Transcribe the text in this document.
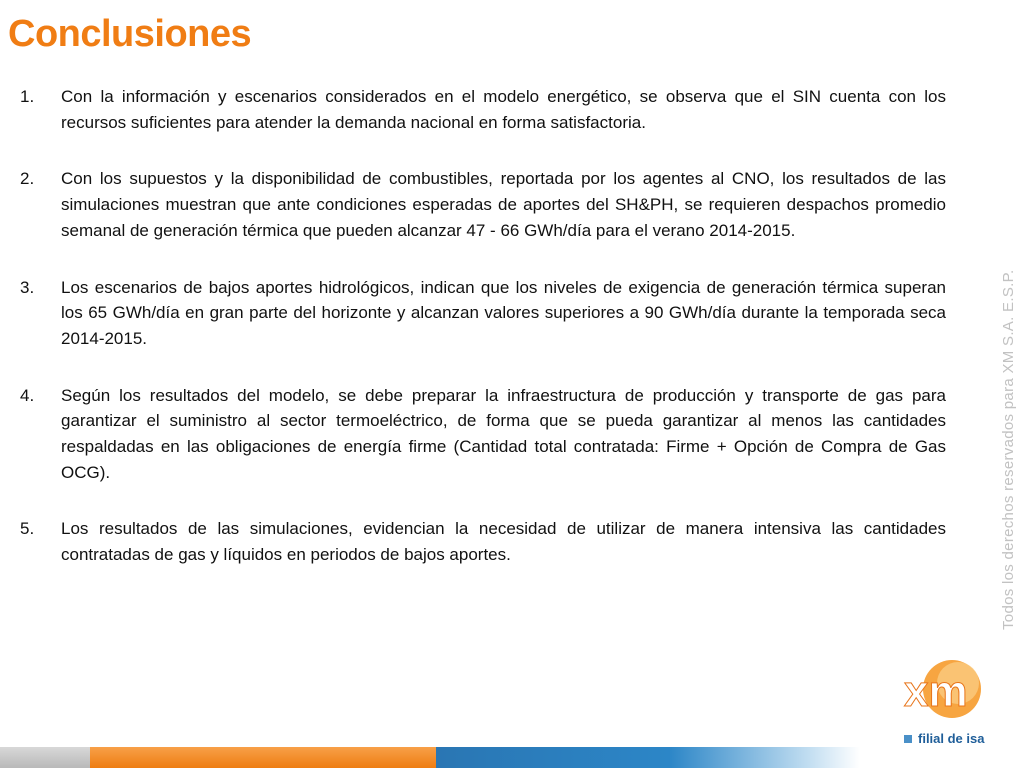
Conclusiones
1. Con la información y escenarios considerados en el modelo energético, se observa que el SIN cuenta con los recursos suficientes para atender la demanda nacional en forma satisfactoria.
2. Con los supuestos y la disponibilidad de combustibles, reportada por los agentes al CNO, los resultados de las simulaciones muestran que ante condiciones esperadas de aportes del SH&PH, se requieren despachos promedio semanal de generación térmica que pueden alcanzar 47 - 66 GWh/día para el verano 2014-2015.
3. Los escenarios de bajos aportes hidrológicos, indican que los niveles de exigencia de generación térmica superan los 65 GWh/día en gran parte del horizonte y alcanzan valores superiores a 90 GWh/día durante la temporada seca 2014-2015.
4. Según los resultados del modelo, se debe preparar la infraestructura de producción y transporte de gas para garantizar el suministro al sector termoeléctrico, de forma que se pueda garantizar al menos las cantidades respaldadas en las obligaciones de energía firme (Cantidad total contratada: Firme + Opción de Compra de Gas OCG).
5. Los resultados de las simulaciones, evidencian la necesidad de utilizar de manera intensiva las cantidades contratadas de gas y líquidos en periodos de bajos aportes.	Todos los derechos reservados para XM S.A. E.S.P.
xm
filial de isa
